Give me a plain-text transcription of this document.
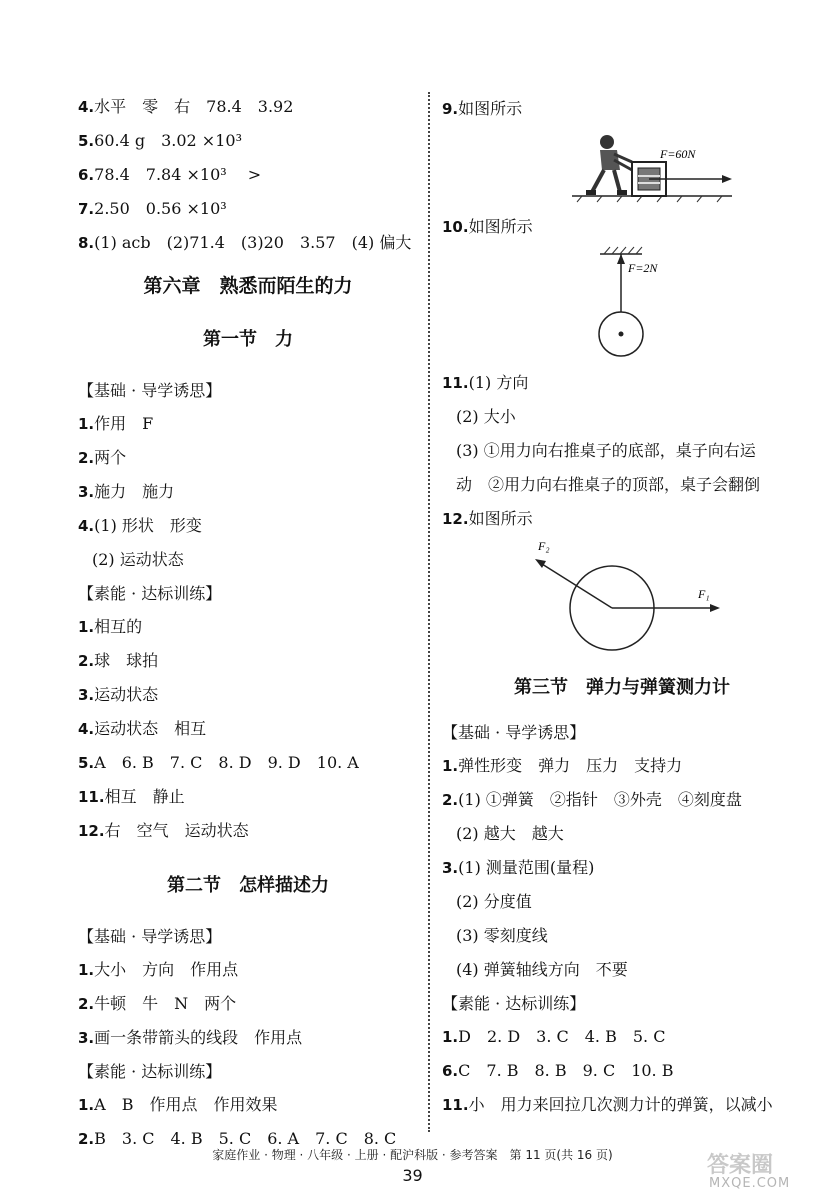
4.水平　零　右　78.4　3.92
5.60.4 g　3.02 ×10³
6.78.4　7.84 ×10³　 >
7.2.50　0.56 ×10³
8.(1) acb　(2)71.4　(3)20　3.57　(4) 偏大
第六章　熟悉而陌生的力
第一节　力
【基础 · 导学诱思】
1.作用　F
2.两个
3.施力　施力
4.(1) 形状　形变
(2) 运动状态
【素能 · 达标训练】
1.相互的
2.球　球拍
3.运动状态
4.运动状态　相互
5.A　6. B　7. C　8. D　9. D　10. A
11.相互　静止
12.右　空气　运动状态
第二节　怎样描述力
【基础 · 导学诱思】
1.大小　方向　作用点
2.牛顿　牛　N　两个
3.画一条带箭头的线段　作用点
【素能 · 达标训练】
1.A　B　作用点　作用效果
2.B　3. C　4. B　5. C　6. A　7. C　8. C
9.如图所示
F=60N
10.如图所示
F=2N
11.(1) 方向
(2) 大小
(3) ①用力向右推桌子的底部，桌子向右运
动　②用力向右推桌子的顶部，桌子会翻倒
12.如图所示
F₁
F₂
第三节　弹力与弹簧测力计
【基础 · 导学诱思】
1.弹性形变　弹力　压力　支持力
2.(1) ①弹簧　②指针　③外壳　④刻度盘
(2) 越大　越大
3.(1) 测量范围(量程)
(2) 分度值
(3) 零刻度线
(4) 弹簧轴线方向　不要
【素能 · 达标训练】
1.D　2. D　3. C　4. B　5. C
6.C　7. B　8. B　9. C　10. B
11.小　用力来回拉几次测力计的弹簧，以减小
家庭作业 · 物理 · 八年级 · 上册 · 配沪科版 · 参考答案　第 11 页(共 16 页)
39	答案圈
MXQE.COM
